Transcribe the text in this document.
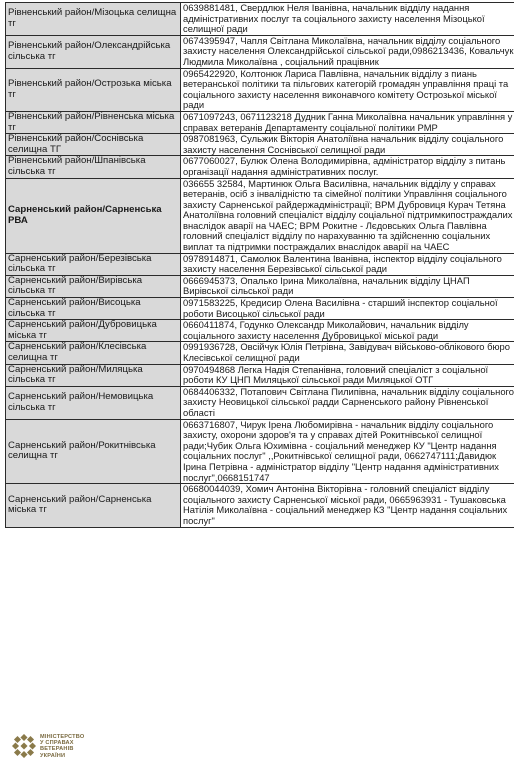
Рівненський район/Мізоцька селищна тг	0639881481, Свердлюк Неля Іванівна, начальник відділу надання адміністративних послуг та соціального захисту населення Мізоцької селищної ради
Рівненський район/Олександрійська сільська тг	0674395947, Чапля Світлана Миколаївна, начальник відділу соціального захисту населення Олександрійської сільської ради,0986213436, Ковальчук Людмила Миколаївна , соціальний працівник
Рівненський район/Острозька міська тг	0965422920, Колтонюк Лариса Павлівна, начальник відділу з пиань ветеранської політики та пільгових категорій громадян управління праці та соціального захисту населення виконавчого комітету Острозької міської ради
Рівненський район/Рівненська міська тг	0671097243, 0671123218 Дудник Ганна Миколаївна начальник управління у справах ветеранів Департаменту соціальної політики РМР
Рівненський район/Соснівська селищна ТГ	0987081963, Сульжик Вікторія Анатоліївна начальник відділу соціального захисту населення Соснівської селищної ради
Рівненський район/Шпанівська сільська тг	0677060027, Булюк Олена Володимирівна, адміністратор відділу з питань організації надання адміністративних послуг.
Сарненський район/Сарненська РВА	036655 32584, Мартинюк Ольга Василівна, начальник відділу у справах ветеранів, осіб з інвалідністю та сімейної політики Управління соціального захисту Сарненської райдержадміністрації; ВРМ Дубровиця Курач Тетяна Анатоліївна головний спеціаліст відділу соціальної підтримкипостраждалих внаслідок аварії на ЧАЕС; ВРМ Рокитне - Лєдовських Ольга Павлівна головний спеціаліст відділу по нарахуванню та здійсненню соціальних виплат та підтримки постраждалих внаслідок аварії на ЧАЕС
Сарненський район/Березівська сільська тг	0978914871, Самолюк Валентина Іванівна, інспектор відділу соціального захисту населення Березівської сільської ради
Сарненський район/Вирівська сільська тг	0666945373, Опалько Ірина Миколаївна, начальник відділу ЦНАП Вирівської сільської ради
Сарненський район/Висоцька сільська тг	0971583225, Кредисир Олена Василівна - старший інспектор соціальної роботи Висоцької сільської ради
Сарненський район/Дубровицька міська тг	0660411874, Годунко Олександр Миколайович, начальник відділу соціального захисту населення Дубровицької міської ради
Сарненський район/Клесівська селищна тг	0991936728, Овсійчук Юлія Петрівна, Завідувач військово-облікового бюро Клесівської селищної ради
Сарненський район/Миляцька сільська тг	0970494868 Легка Надія Степанівна, головний спеціаліст з соціальної роботи КУ ЦНП Миляцької сільської ради Миляцької ОТГ
Сарненський район/Немовицька сільська тг	0684406332, Потапович Світлана Пилипівна, начальник відділу соціального захисту Неовицької сільської радди Сарненського району Рівненської області
Сарненський район/Рокитнівська селищна тг	0663716807, Чирук Ірена Любомирівна - начальник відділу соціального захисту, охорони здоров'я та у справах дітей Рокитнівської селищної ради;Чубик Ольга Юхимівна - соціальний менеджер КУ "Центр надання соціальних послуг" ,,Рокитнівської селищної ради, 0662747111;Давидюк Ірина Петрівна - адміністратор відділу "Центр надання адміністративних послуг",0668151747
Сарненський район/Сарненська міська тг	06680044039, Хомич Антоніна Вікторівна - головний спеціаліст відділу соціального захисту Сарненської міської ради, 0665963931 - Тушаковська Натілія Миколаївна - соціальний менеджер КЗ "Центр надання соціальних послуг"
МІНІСТЕРСТВО
У СПРАВАХ
ВЕТЕРАНІВ
УКРАЇНИ
